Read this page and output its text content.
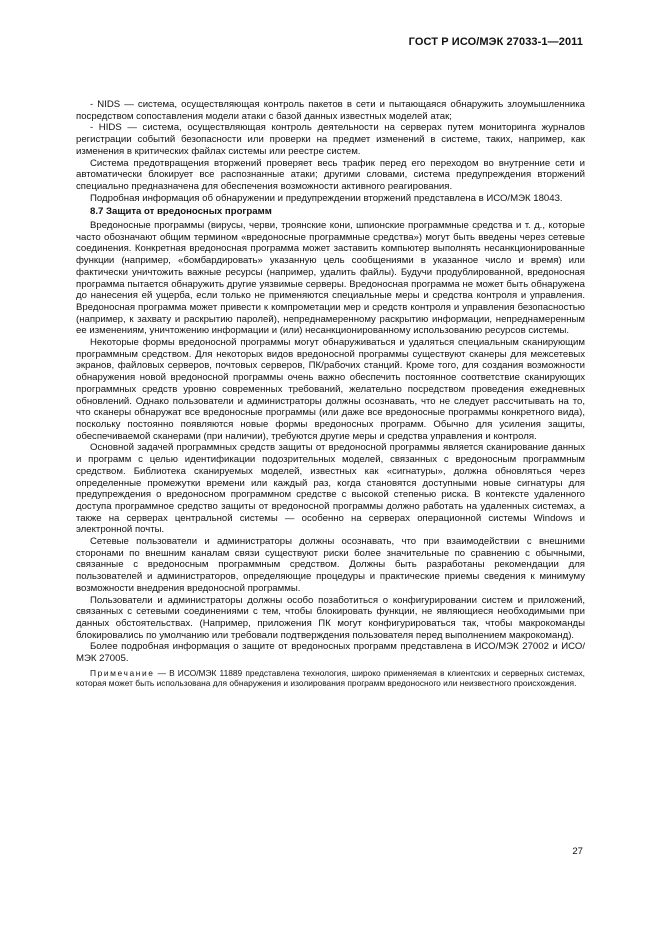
ГОСТ Р ИСО/МЭК 27033-1—2011

- NIDS — система, осуществляющая контроль пакетов в сети и пытающаяся обнаружить злоумышленника посредством сопоставления модели атаки с базой данных известных моделей атак;

- HIDS — система, осуществляющая контроль деятельности на серверах путем мониторинга журналов регистрации событий безопасности или проверки на предмет изменений в системе, таких, например, как изменения в критических файлах системы или реестре систем.

Система предотвращения вторжений проверяет весь трафик перед его переходом во внутренние сети и автоматически блокирует все распознанные атаки; другими словами, система предупреждения вторжений специально предназначена для обеспечения возможности активного реагирования.

Подробная информация об обнаружении и предупреждении вторжений представлена в ИСО/МЭК 18043.

8.7 Защита от вредоносных программ

Вредоносные программы (вирусы, черви, троянские кони, шпионские программные средства и т. д., которые часто обозначают общим термином «вредоносные программные средства») могут быть введены через сетевые соединения. Конкретная вредоносная программа может заставить компьютер выполнять несанкционированные функции (например, «бомбардировать» указанную цель сообщениями в указанное число и время) или фактически уничтожить важные ресурсы (например, удалить файлы). Будучи продублированной, вредоносная программа пытается обнаружить другие уязвимые серверы. Вредоносная программа не может быть обнаружена до нанесения ей ущерба, если только не применяются специальные меры и средства контроля и управления. Вредоносная программа может привести к компрометации мер и средств контроля и управления безопасностью (например, к захвату и раскрытию паролей), непреднамеренному раскрытию информации, непреднамеренным ее изменениям, уничтожению информации и (или) несанкционированному использованию ресурсов системы.

Некоторые формы вредоносной программы могут обнаруживаться и удаляться специальным сканирующим программным средством. Для некоторых видов вредоносной программы существуют сканеры для межсетевых экранов, файловых серверов, почтовых серверов, ПК/рабочих станций. Кроме того, для создания возможности обнаружения новой вредоносной программы очень важно обеспечить постоянное соответствие сканирующих программных средств уровню современных требований, желательно посредством проведения ежедневных обновлений. Однако пользователи и администраторы должны осознавать, что не следует рассчитывать на то, что сканеры обнаружат все вредоносные программы (или даже все вредоносные программы конкретного вида), поскольку постоянно появляются новые формы вредоносных программ. Обычно для усиления защиты, обеспечиваемой сканерами (при наличии), требуются другие меры и средства управления и контроля.

Основной задачей программных средств защиты от вредоносной программы является сканирование данных и программ с целью идентификации подозрительных моделей, связанных с вредоносным программным средством. Библиотека сканируемых моделей, известных как «сигнатуры», должна обновляться через определенные промежутки времени или каждый раз, когда становятся доступными новые сигнатуры для предупреждения о вредоносном программном средстве с высокой степенью риска. В контексте удаленного доступа программное средство защиты от вредоносной программы должно работать на удаленных системах, а также на серверах центральной системы — особенно на серверах операционной системы Windows и электронной почты.

Сетевые пользователи и администраторы должны осознавать, что при взаимодействии с внешними сторонами по внешним каналам связи существуют риски более значительные по сравнению с обычными, связанные с вредоносным программным средством. Должны быть разработаны рекомендации для пользователей и администраторов, определяющие процедуры и практические приемы сведения к минимуму возможности внедрения вредоносной программы.

Пользователи и администраторы должны особо позаботиться о конфигурировании систем и приложений, связанных с сетевыми соединениями с тем, чтобы блокировать функции, не являющиеся необходимыми при данных обстоятельствах. (Например, приложения ПК могут конфигурироваться так, чтобы макрокоманды блокировались по умолчанию или требовали подтверждения пользователя перед выполнением макрокоманд).

Более подробная информация о защите от вредоносных программ представлена в ИСО/МЭК 27002 и ИСО/МЭК 27005.

Примечание — В ИСО/МЭК 11889 представлена технология, широко применяемая в клиентских и серверных системах, которая может быть использована для обнаружения и изолирования программ вредоносного или неизвестного происхождения.

27
